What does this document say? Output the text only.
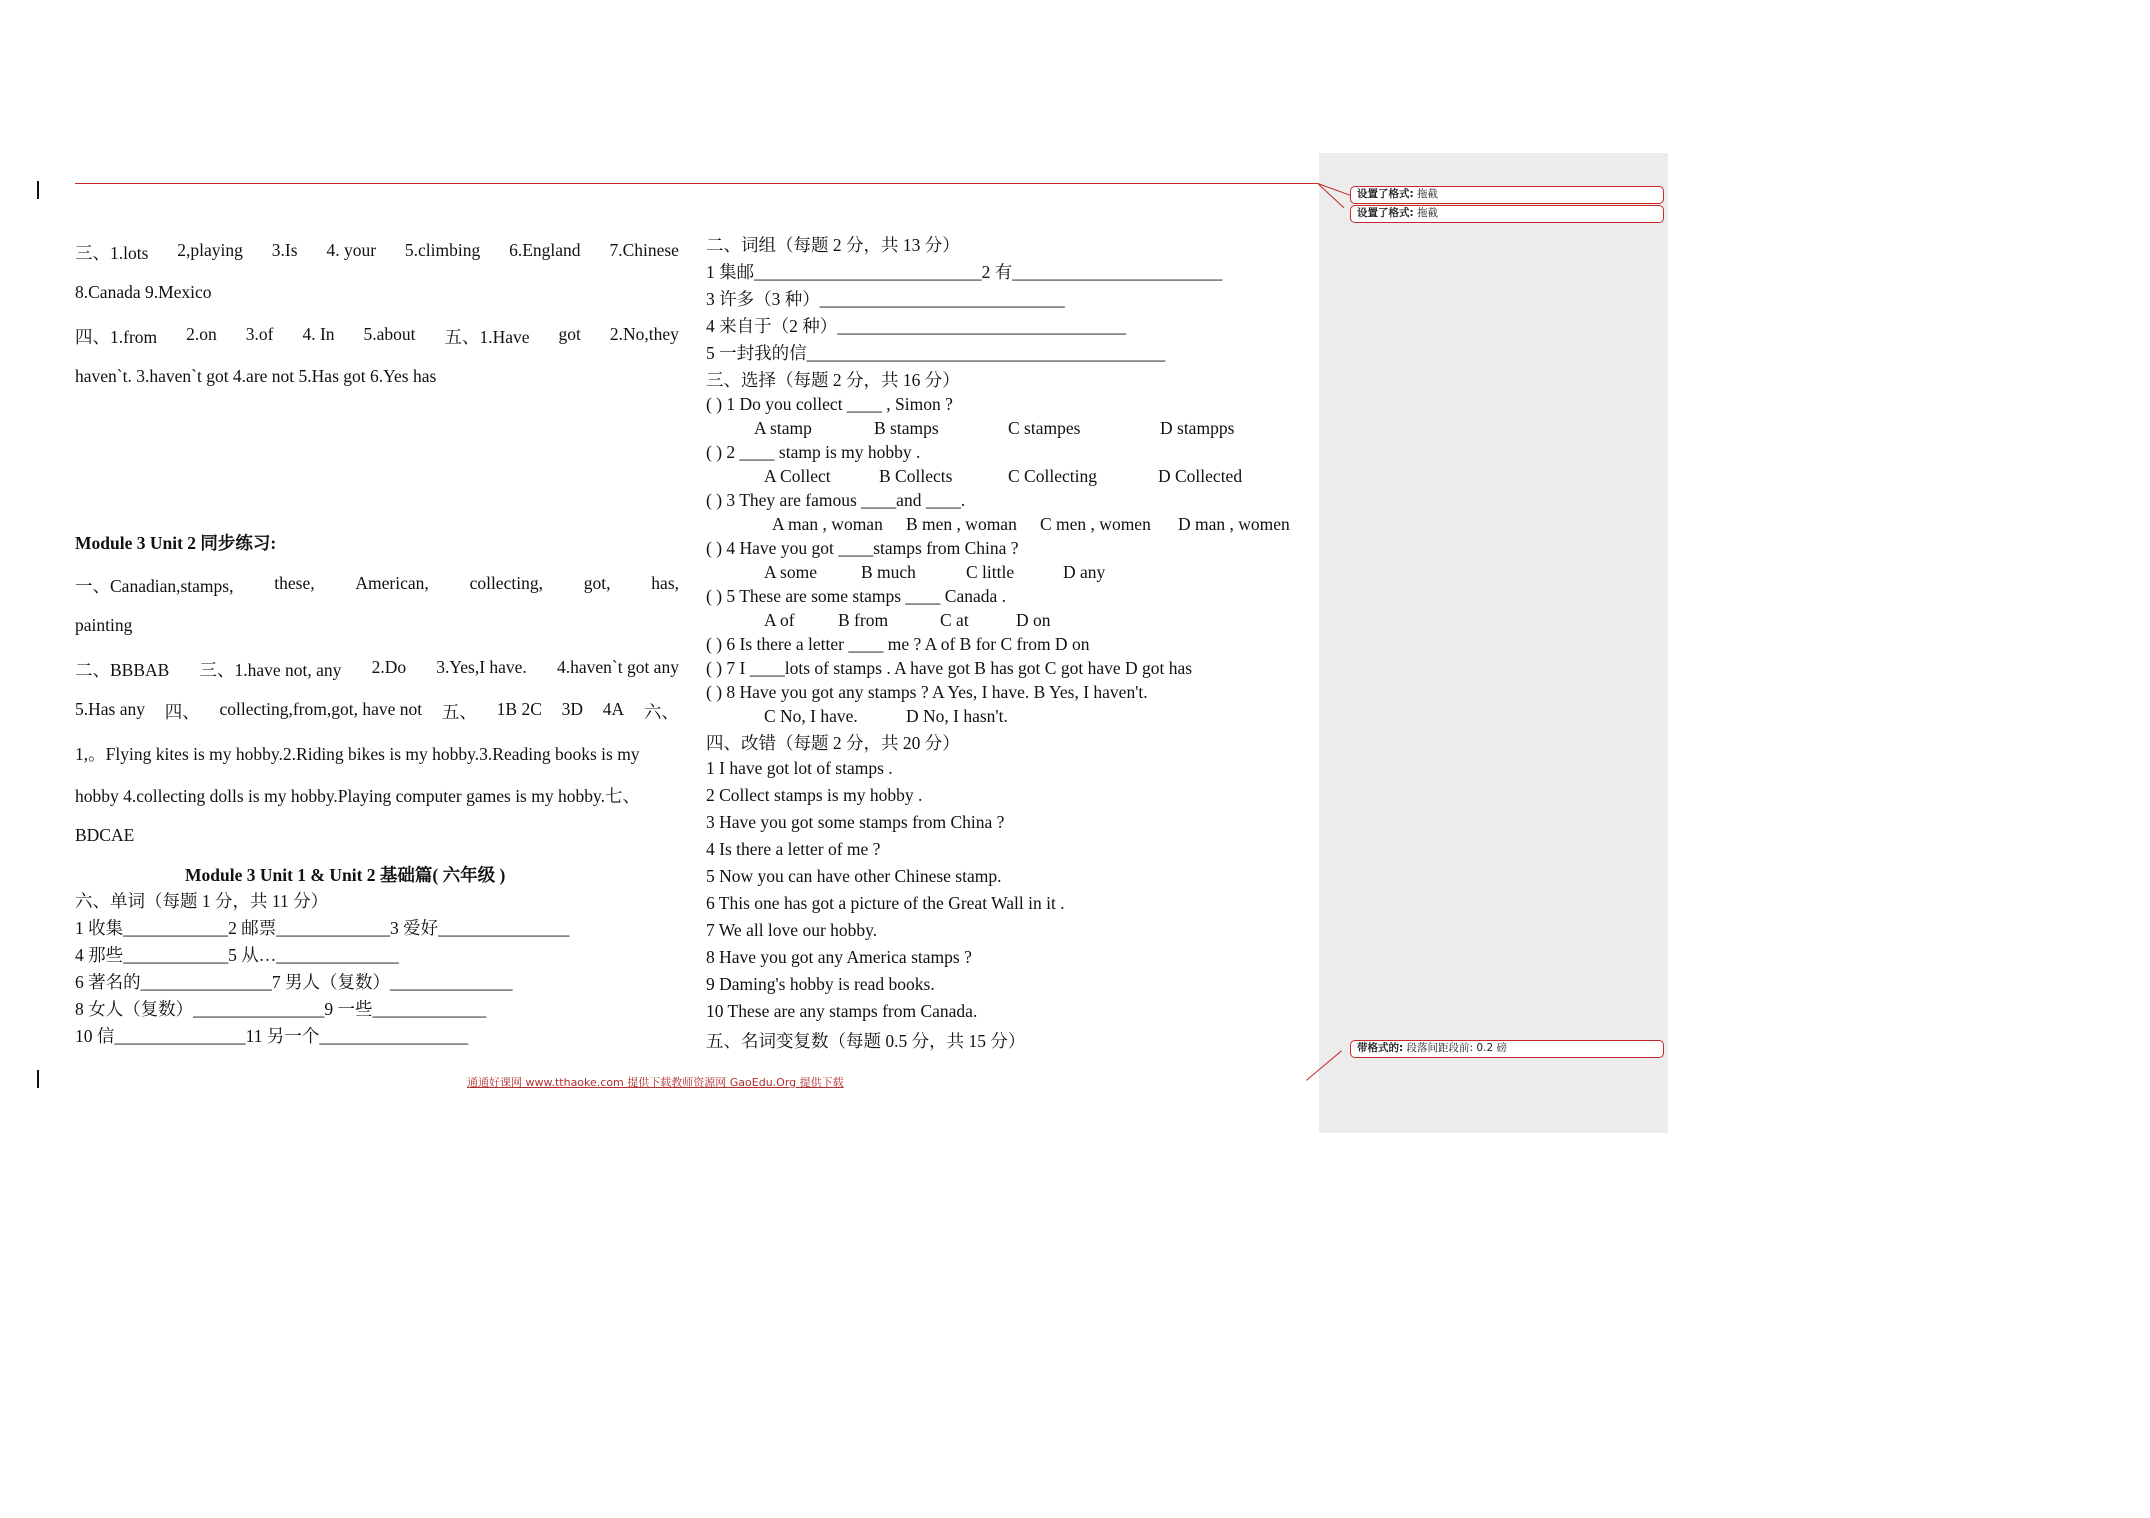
设置了格式: 拖截
设置了格式: 拖截
带格式的: 段落间距段前: 0.2 磅
三、1.lots 2,playing 3.Is 4. your 5.climbing 6.England 7.Chinese
8.Canada 9.Mexico
四、1.from 2.on 3.of 4. In 5.about 五、1.Have got 2.No,they
haven`t. 3.haven`t got 4.are not 5.Has got 6.Yes has
Module 3 Unit 2 同步练习:
一、Canadian,stamps, these, American, collecting, got, has,
painting
二、BBBAB 三、1.have not, any 2.Do 3.Yes,I have. 4.haven`t got any
5.Has any 四、 collecting,from,got, have not 五、 1B 2C 3D 4A 六、
1,。Flying kites is my hobby.2.Riding bikes is my hobby.3.Reading books is my
hobby 4.collecting dolls is my hobby.Playing computer games is my hobby.七、
BDCAE
Module 3 Unit 1 & Unit 2 基础篇( 六年级 )
六、单词（每题 1 分，共 11 分）
1 收集____________2 邮票_____________3 爱好_______________
4 那些____________5 从…______________
6 著名的_______________7 男人（复数）______________
8 女人（复数）_______________9 一些_____________
10 信_______________11 另一个_________________
二、词组（每题 2 分，共 13 分）
1 集邮__________________________2 有________________________
3 许多（3 种）____________________________
4 来自于（2 种）_________________________________
5 一封我的信_________________________________________
三、选择（每题 2 分，共 16 分）
( ) 1 Do you collect ____ , Simon ?
A stamp	B stamps	C stampes	D stampps
( ) 2 ____ stamp is my hobby .
A Collect	B Collects	C Collecting	D Collected
( ) 3 They are famous ____and ____.
A man , woman B men , woman C men , women D man , women
( ) 4 Have you got ____stamps from China ?
A some	B much	C little	D any
( ) 5 These are some stamps ____ Canada .
A of B from	C at	D on
( ) 6 Is there a letter ____ me ? A of B for C from D on
( ) 7 I ____lots of stamps . A have got B has got C got have D got has
( ) 8 Have you got any stamps ? A Yes, I have. B Yes, I haven't.
C No, I have.	D No, I hasn't.
四、改错（每题 2 分，共 20 分）
1 I have got lot of stamps .
2 Collect stamps is my hobby .
3 Have you got some stamps from China ?
4 Is there a letter of me ?
5 Now you can have other Chinese stamp.
6 This one has got a picture of the Great Wall in it .
7 We all love our hobby.
8 Have you got any America stamps ?
9 Daming's hobby is read books.
10 These are any stamps from Canada.
五、名词变复数（每题 0.5 分，共 15 分）
通通好课网 www.tthaoke.com 提供下载教师资源网 GaoEdu.Org 提供下载
